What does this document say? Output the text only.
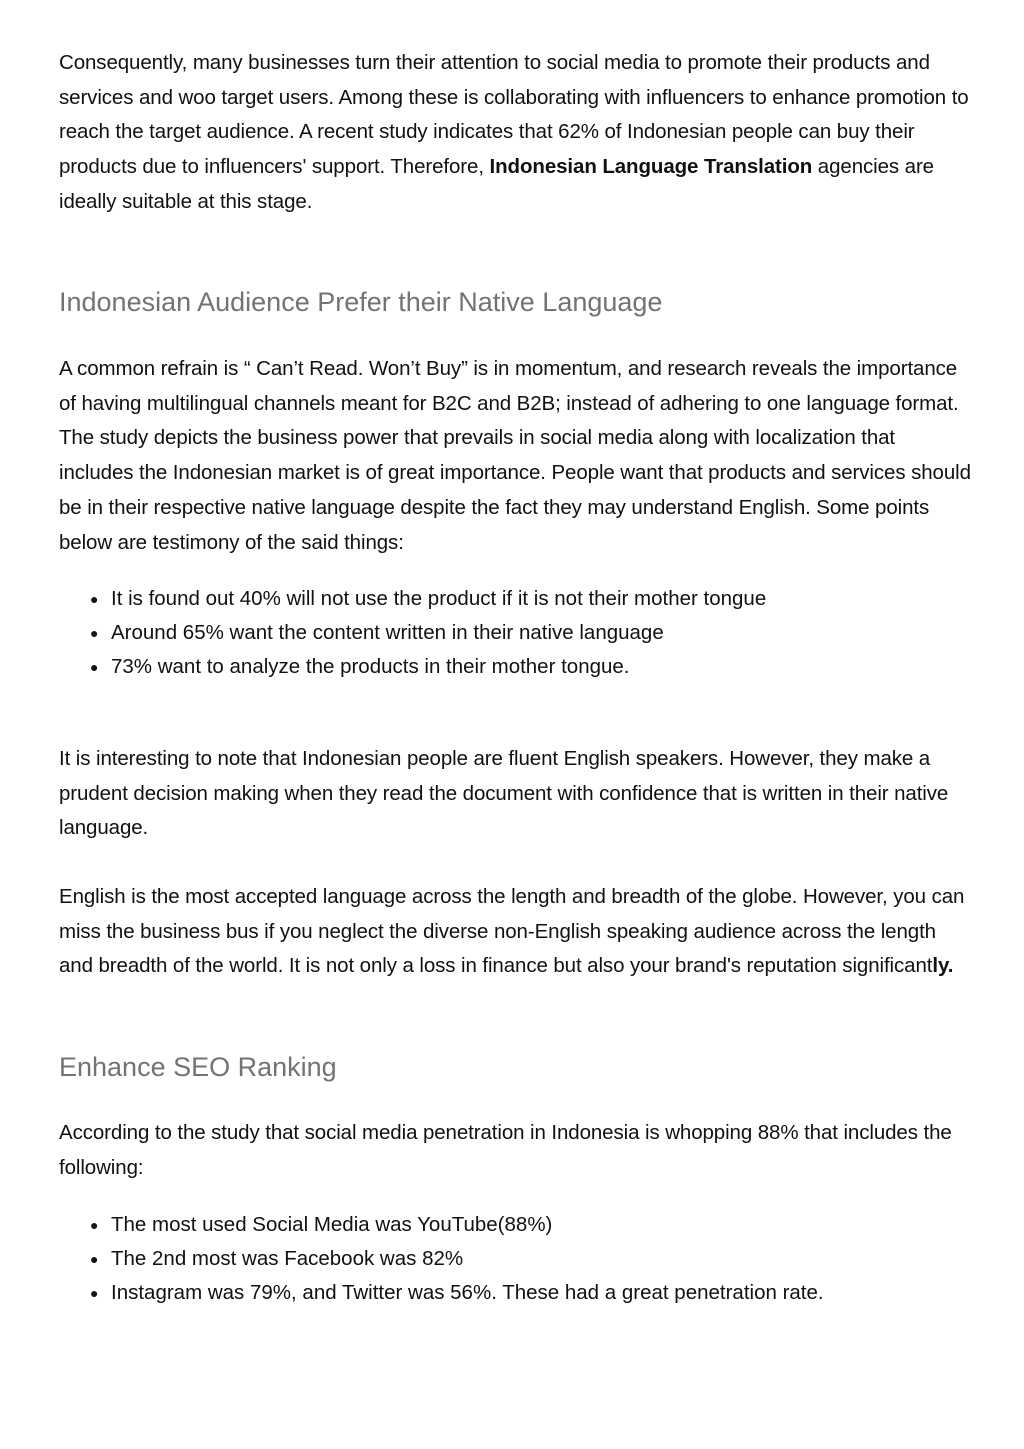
Consequently, many businesses turn their attention to social media to promote their products and services and woo target users. Among these is collaborating with influencers to enhance promotion to reach the target audience. A recent study indicates that 62% of Indonesian people can buy their products due to influencers' support. Therefore, Indonesian Language Translation agencies are ideally suitable at this stage.

Indonesian Audience Prefer their Native Language

A common refrain is “ Can’t Read. Won’t Buy” is in momentum, and research reveals the importance of having multilingual channels meant for B2C and B2B; instead of adhering to one language format. The study depicts the business power that prevails in social media along with localization that includes the Indonesian market is of great importance. People want that products and services should be in their respective native language despite the fact they may understand English. Some points below are testimony of the said things:

● It is found out 40% will not use the product if it is not their mother tongue
● Around 65% want the content written in their native language
● 73% want to analyze the products in their mother tongue.

It is interesting to note that Indonesian people are fluent English speakers. However, they make a prudent decision making when they read the document with confidence that is written in their native language.

English is the most accepted language across the length and breadth of the globe. However, you can miss the business bus if you neglect the diverse non-English speaking audience across the length and breadth of the world. It is not only a loss in finance but also your brand's reputation significantly.

Enhance SEO Ranking

According to the study that social media penetration in Indonesia is whopping 88% that includes the following:

● The most used Social Media was YouTube(88%)
● The 2nd most was Facebook was 82%
● Instagram was 79%, and Twitter was 56%. These had a great penetration rate.
